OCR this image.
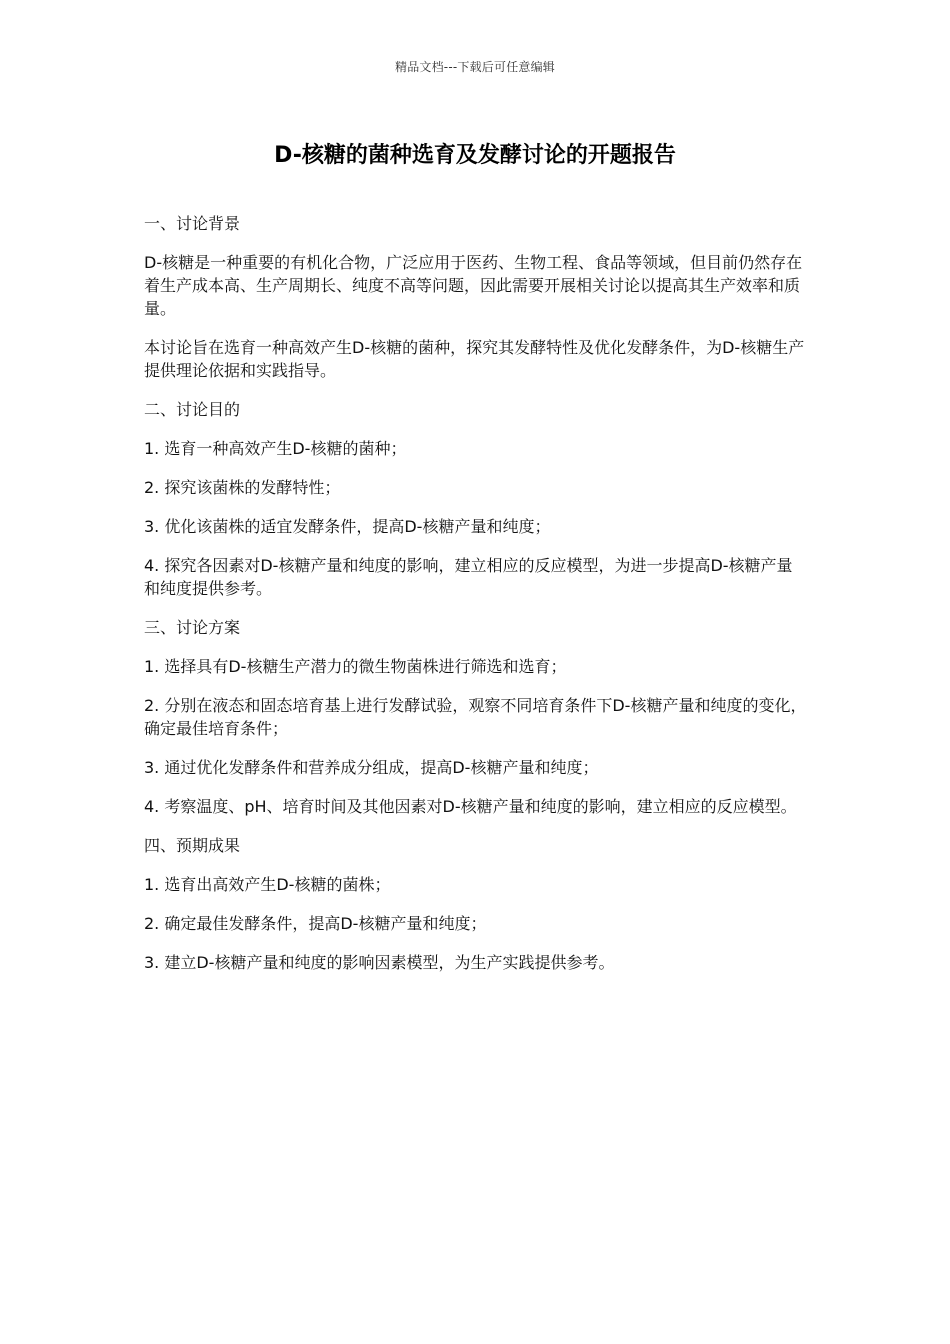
精品文档---下载后可任意编辑
D-核糖的菌种选育及发酵讨论的开题报告

一、讨论背景

D-核糖是一种重要的有机化合物，广泛应用于医药、生物工程、食品等领域，但目前仍然存在着生产成本高、生产周期长、纯度不高等问题，因此需要开展相关讨论以提高其生产效率和质量。

本讨论旨在选育一种高效产生D-核糖的菌种，探究其发酵特性及优化发酵条件，为D-核糖生产提供理论依据和实践指导。

二、讨论目的

1. 选育一种高效产生D-核糖的菌种；

2. 探究该菌株的发酵特性；

3. 优化该菌株的适宜发酵条件，提高D-核糖产量和纯度；

4. 探究各因素对D-核糖产量和纯度的影响，建立相应的反应模型，为进一步提高D-核糖产量和纯度提供参考。

三、讨论方案

1. 选择具有D-核糖生产潜力的微生物菌株进行筛选和选育；

2. 分别在液态和固态培育基上进行发酵试验，观察不同培育条件下D-核糖产量和纯度的变化，确定最佳培育条件；

3. 通过优化发酵条件和营养成分组成，提高D-核糖产量和纯度；

4. 考察温度、pH、培育时间及其他因素对D-核糖产量和纯度的影响，建立相应的反应模型。

四、预期成果

1. 选育出高效产生D-核糖的菌株；

2. 确定最佳发酵条件，提高D-核糖产量和纯度；

3. 建立D-核糖产量和纯度的影响因素模型，为生产实践提供参考。
